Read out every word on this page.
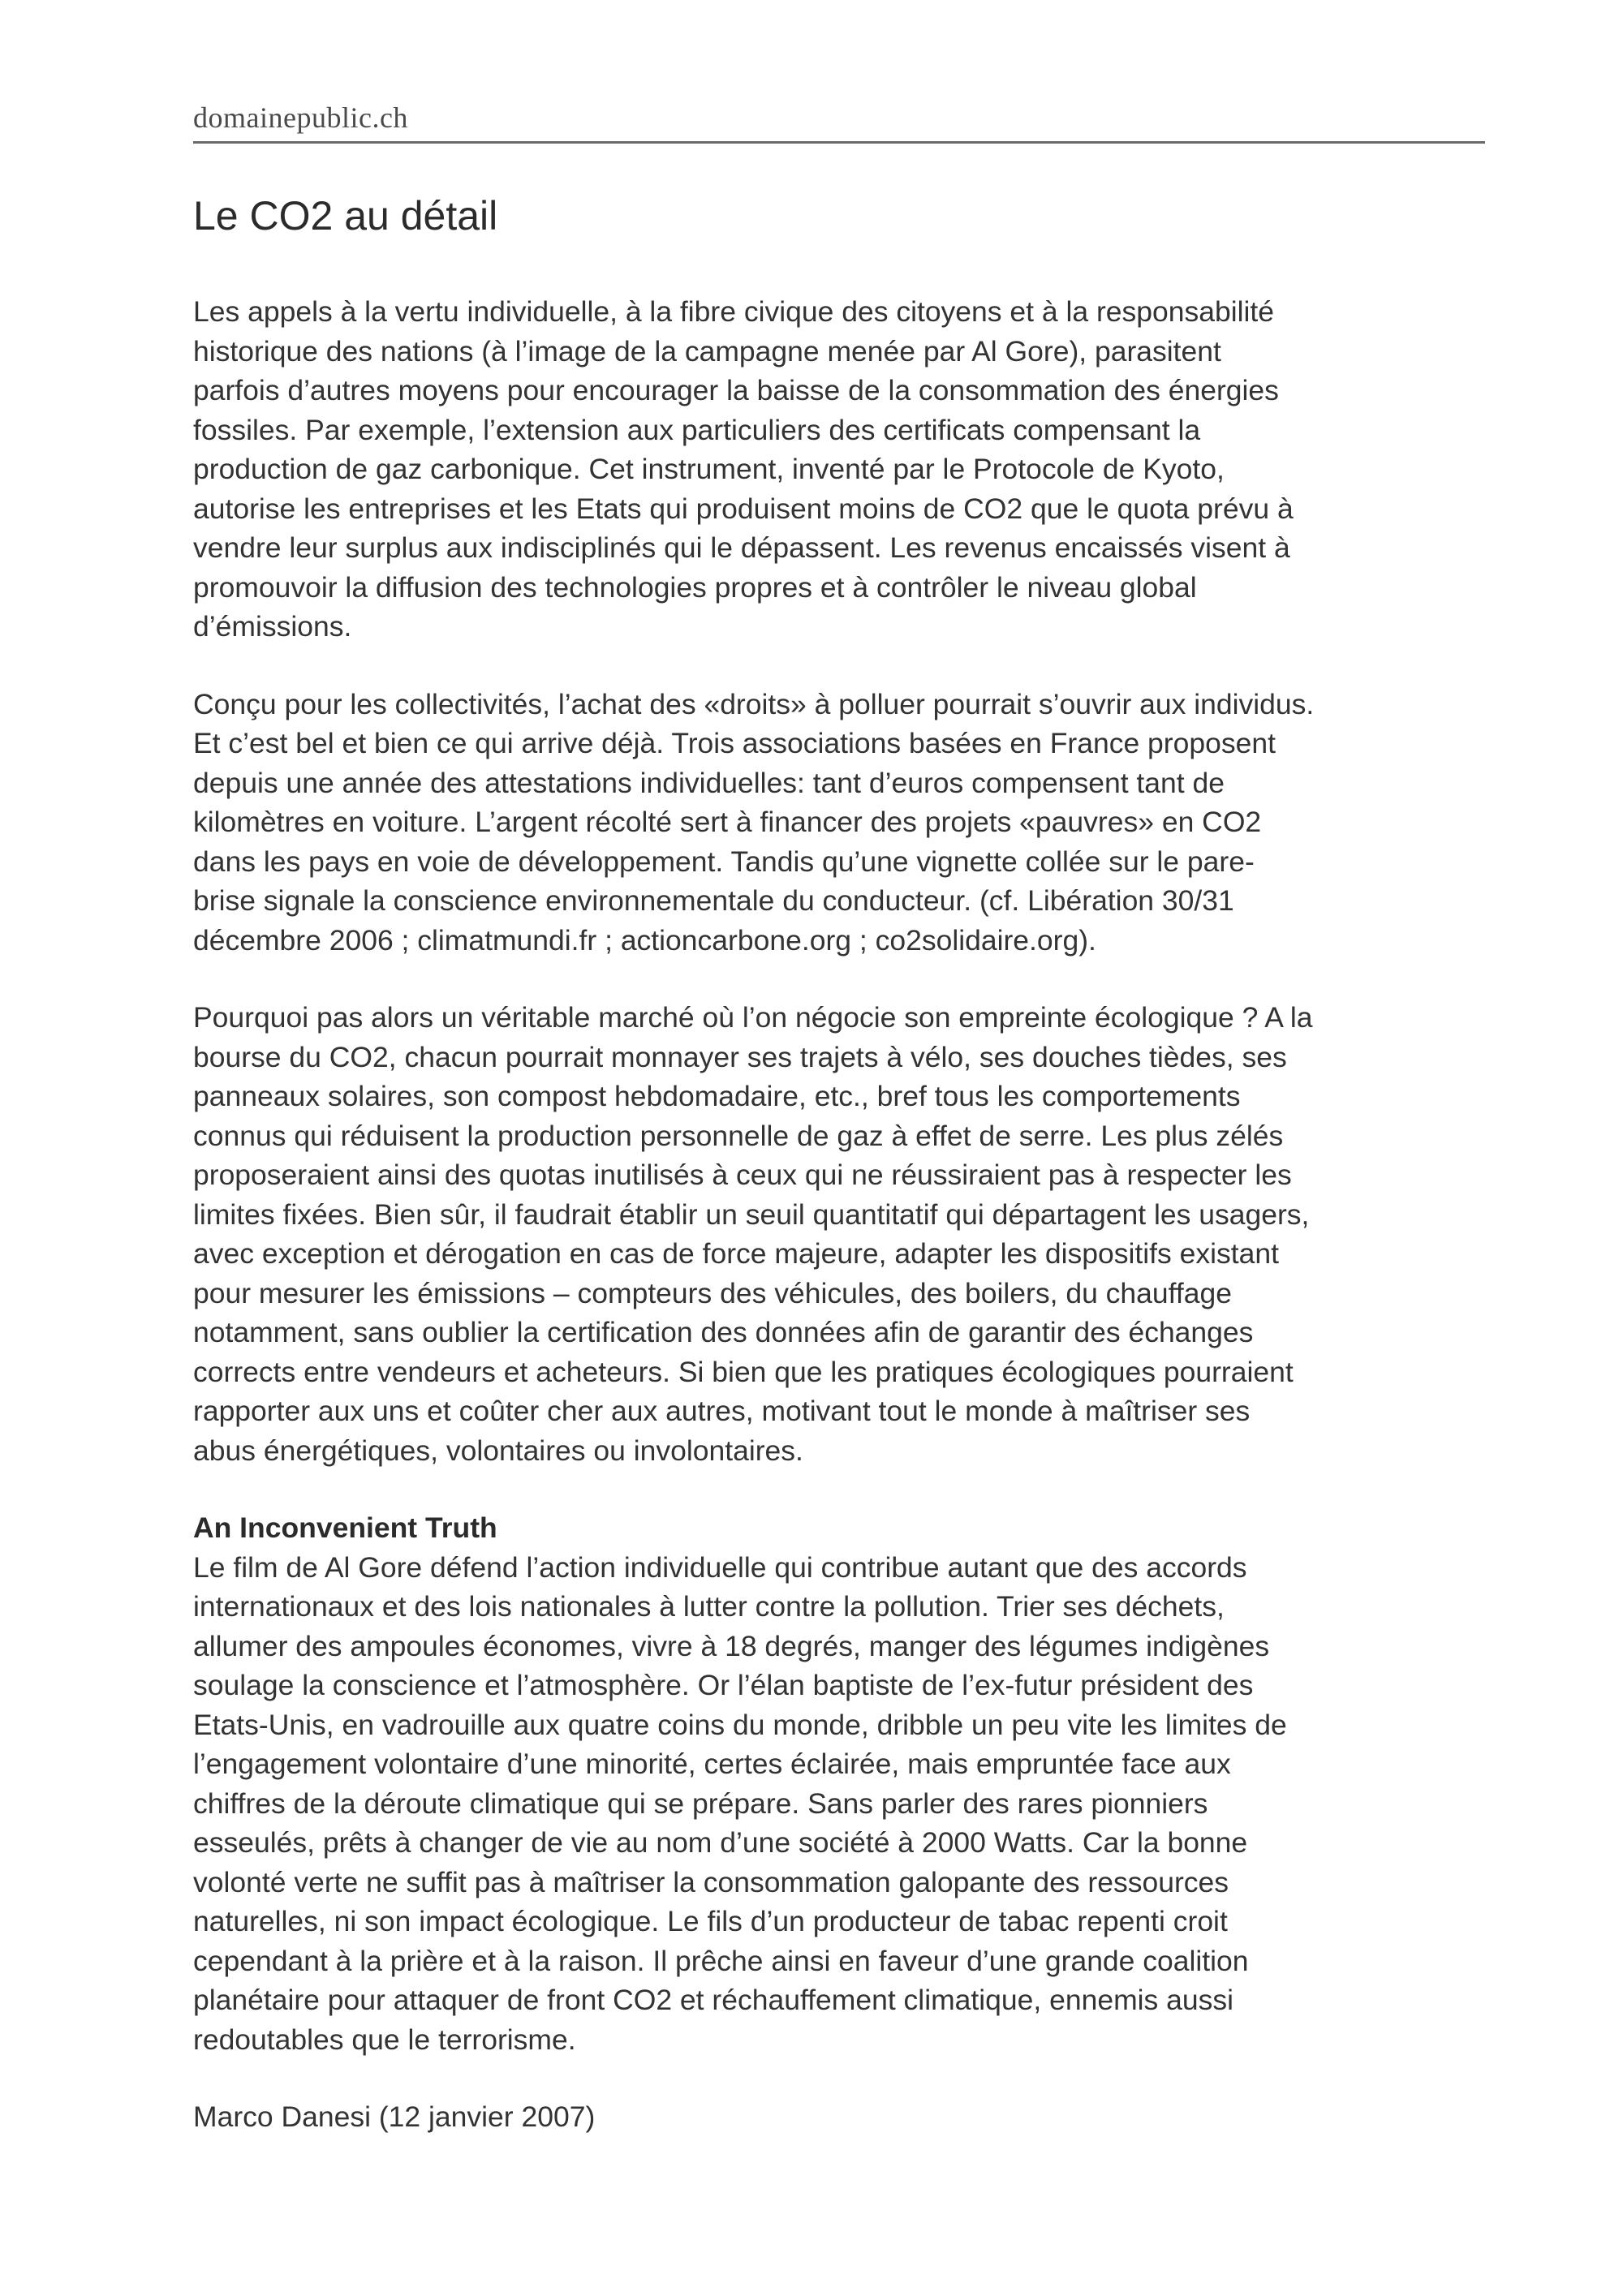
domainepublic.ch
Le CO2 au détail

Les appels à la vertu individuelle, à la fibre civique des citoyens et à la responsabilité
historique des nations (à l’image de la campagne menée par Al Gore), parasitent
parfois d’autres moyens pour encourager la baisse de la consommation des énergies
fossiles. Par exemple, l’extension aux particuliers des certificats compensant la
production de gaz carbonique. Cet instrument, inventé par le Protocole de Kyoto,
autorise les entreprises et les Etats qui produisent moins de CO2 que le quota prévu à
vendre leur surplus aux indisciplinés qui le dépassent. Les revenus encaissés visent à
promouvoir la diffusion des technologies propres et à contrôler le niveau global
d’émissions.

Conçu pour les collectivités, l’achat des «droits» à polluer pourrait s’ouvrir aux individus.
Et c’est bel et bien ce qui arrive déjà. Trois associations basées en France proposent
depuis une année des attestations individuelles: tant d’euros compensent tant de
kilomètres en voiture. L’argent récolté sert à financer des projets «pauvres» en CO2
dans les pays en voie de développement. Tandis qu’une vignette collée sur le pare-
brise signale la conscience environnementale du conducteur. (cf. Libération 30/31
décembre 2006 ; climatmundi.fr ; actioncarbone.org ; co2solidaire.org).

Pourquoi pas alors un véritable marché où l’on négocie son empreinte écologique ? A la
bourse du CO2, chacun pourrait monnayer ses trajets à vélo, ses douches tièdes, ses
panneaux solaires, son compost hebdomadaire, etc., bref tous les comportements
connus qui réduisent la production personnelle de gaz à effet de serre. Les plus zélés
proposeraient ainsi des quotas inutilisés à ceux qui ne réussiraient pas à respecter les
limites fixées. Bien sûr, il faudrait établir un seuil quantitatif qui départagent les usagers,
avec exception et dérogation en cas de force majeure, adapter les dispositifs existant
pour mesurer les émissions – compteurs des véhicules, des boilers, du chauffage
notamment, sans oublier la certification des données afin de garantir des échanges
corrects entre vendeurs et acheteurs. Si bien que les pratiques écologiques pourraient
rapporter aux uns et coûter cher aux autres, motivant tout le monde à maîtriser ses
abus énergétiques, volontaires ou involontaires.

An Inconvenient Truth
Le film de Al Gore défend l’action individuelle qui contribue autant que des accords
internationaux et des lois nationales à lutter contre la pollution. Trier ses déchets,
allumer des ampoules économes, vivre à 18 degrés, manger des légumes indigènes
soulage la conscience et l’atmosphère. Or l’élan baptiste de l’ex-futur président des
Etats-Unis, en vadrouille aux quatre coins du monde, dribble un peu vite les limites de
l’engagement volontaire d’une minorité, certes éclairée, mais empruntée face aux
chiffres de la déroute climatique qui se prépare. Sans parler des rares pionniers
esseulés, prêts à changer de vie au nom d’une société à 2000 Watts. Car la bonne
volonté verte ne suffit pas à maîtriser la consommation galopante des ressources
naturelles, ni son impact écologique. Le fils d’un producteur de tabac repenti croit
cependant à la prière et à la raison. Il prêche ainsi en faveur d’une grande coalition
planétaire pour attaquer de front CO2 et réchauffement climatique, ennemis aussi
redoutables que le terrorisme.

Marco Danesi (12 janvier 2007)
